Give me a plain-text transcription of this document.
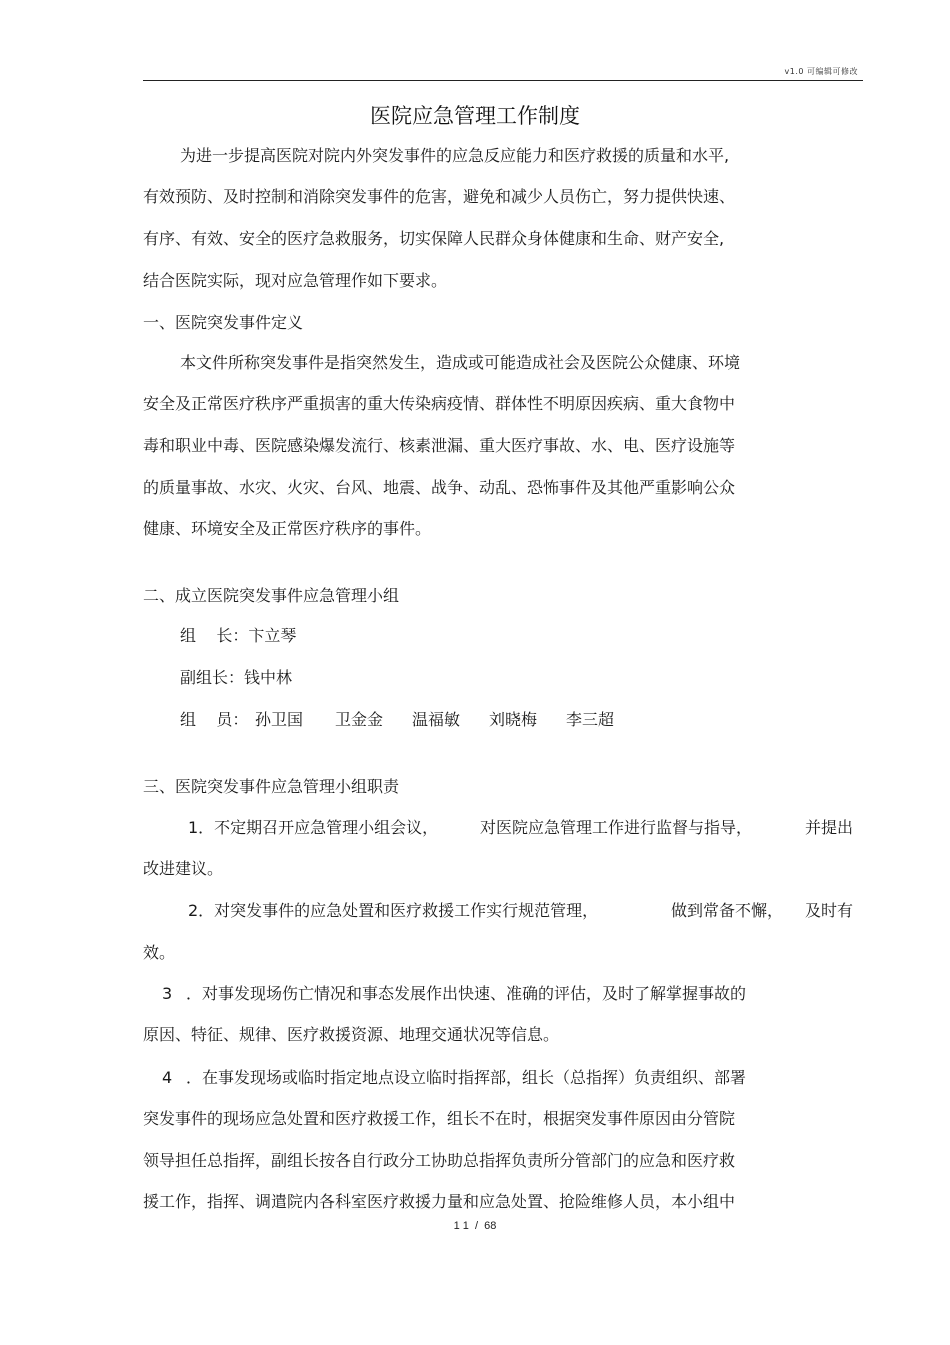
v1.0 可编辑可修改
医院应急管理工作制度
为进一步提高医院对院内外突发事件的应急反应能力和医疗救援的质量和水平,
有效预防、及时控制和消除突发事件的危害，避免和减少人员伤亡，努力提供快速、
有序、有效、安全的医疗急救服务，切实保障人民群众身体健康和生命、财产安全,
结合医院实际，现对应急管理作如下要求。
一、医院突发事件定义
本文件所称突发事件是指突然发生，造成或可能造成社会及医院公众健康、环境
安全及正常医疗秩序严重损害的重大传染病疫情、群体性不明原因疾病、重大食物中
毒和职业中毒、医院感染爆发流行、核素泄漏、重大医疗事故、水、电、医疗设施等
的质量事故、水灾、火灾、台风、地震、战争、动乱、恐怖事件及其他严重影响公众
健康、环境安全及正常医疗秩序的事件。
二、成立医院突发事件应急管理小组
组    长：卞立琴
副组长：钱中林
组    员： 孙卫国 卫金金 温福敏 刘晓梅 李三超
三、医院突发事件应急管理小组职责
1．不定期召开应急管理小组会议，	对医院应急管理工作进行监督与指导，	并提出
改进建议。
2．对突发事件的应急处置和医疗救援工作实行规范管理，	做到常备不懈， 及时有
效。
3 ．对事发现场伤亡情况和事态发展作出快速、准确的评估，及时了解掌握事故的
原因、特征、规律、医疗救援资源、地理交通状况等信息。
4 ．在事发现场或临时指定地点设立临时指挥部，组长（总指挥）负责组织、部署
突发事件的现场应急处置和医疗救援工作，组长不在时，根据突发事件原因由分管院
领导担任总指挥，副组长按各自行政分工协助总指挥负责所分管部门的应急和医疗救
援工作，指挥、调遣院内各科室医疗救援力量和应急处置、抢险维修人员，本小组中
1 1  /  68
